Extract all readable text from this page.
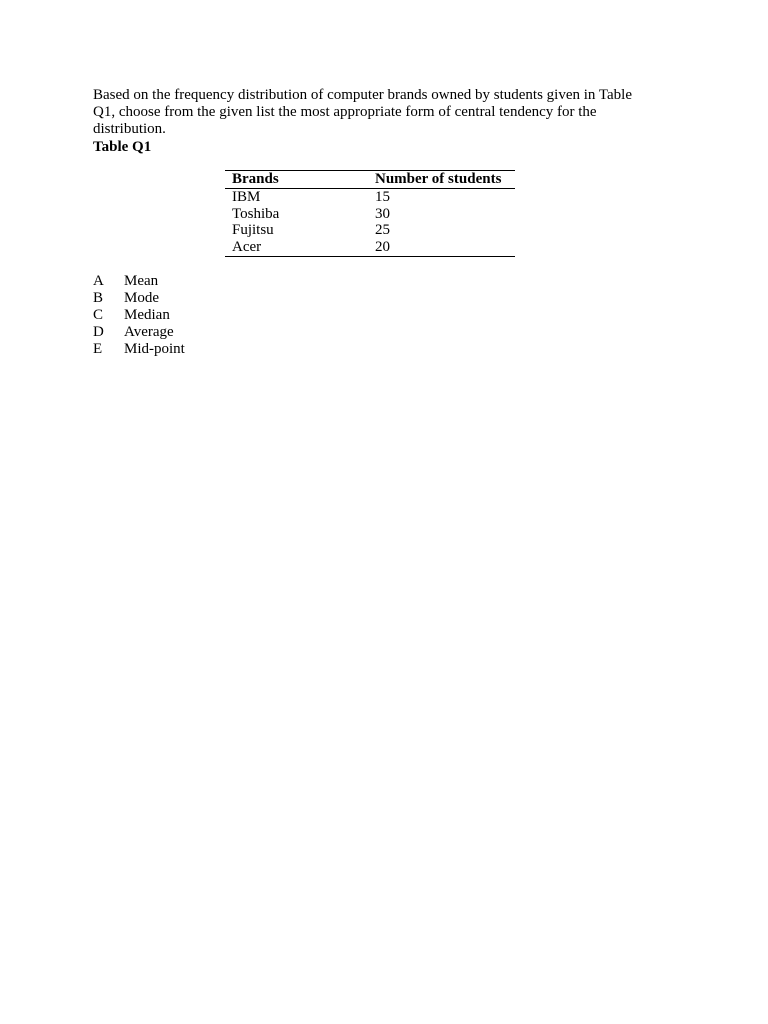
Based on the frequency distribution of computer brands owned by students given in Table Q1, choose from the given list the most appropriate form of central tendency for the distribution.

Table Q1
Brands	Number of students
IBM	15
Toshiba	30
Fujitsu	25
Acer	20
A	Mean
B	Mode
C	Median
D	Average
E	Mid-point
